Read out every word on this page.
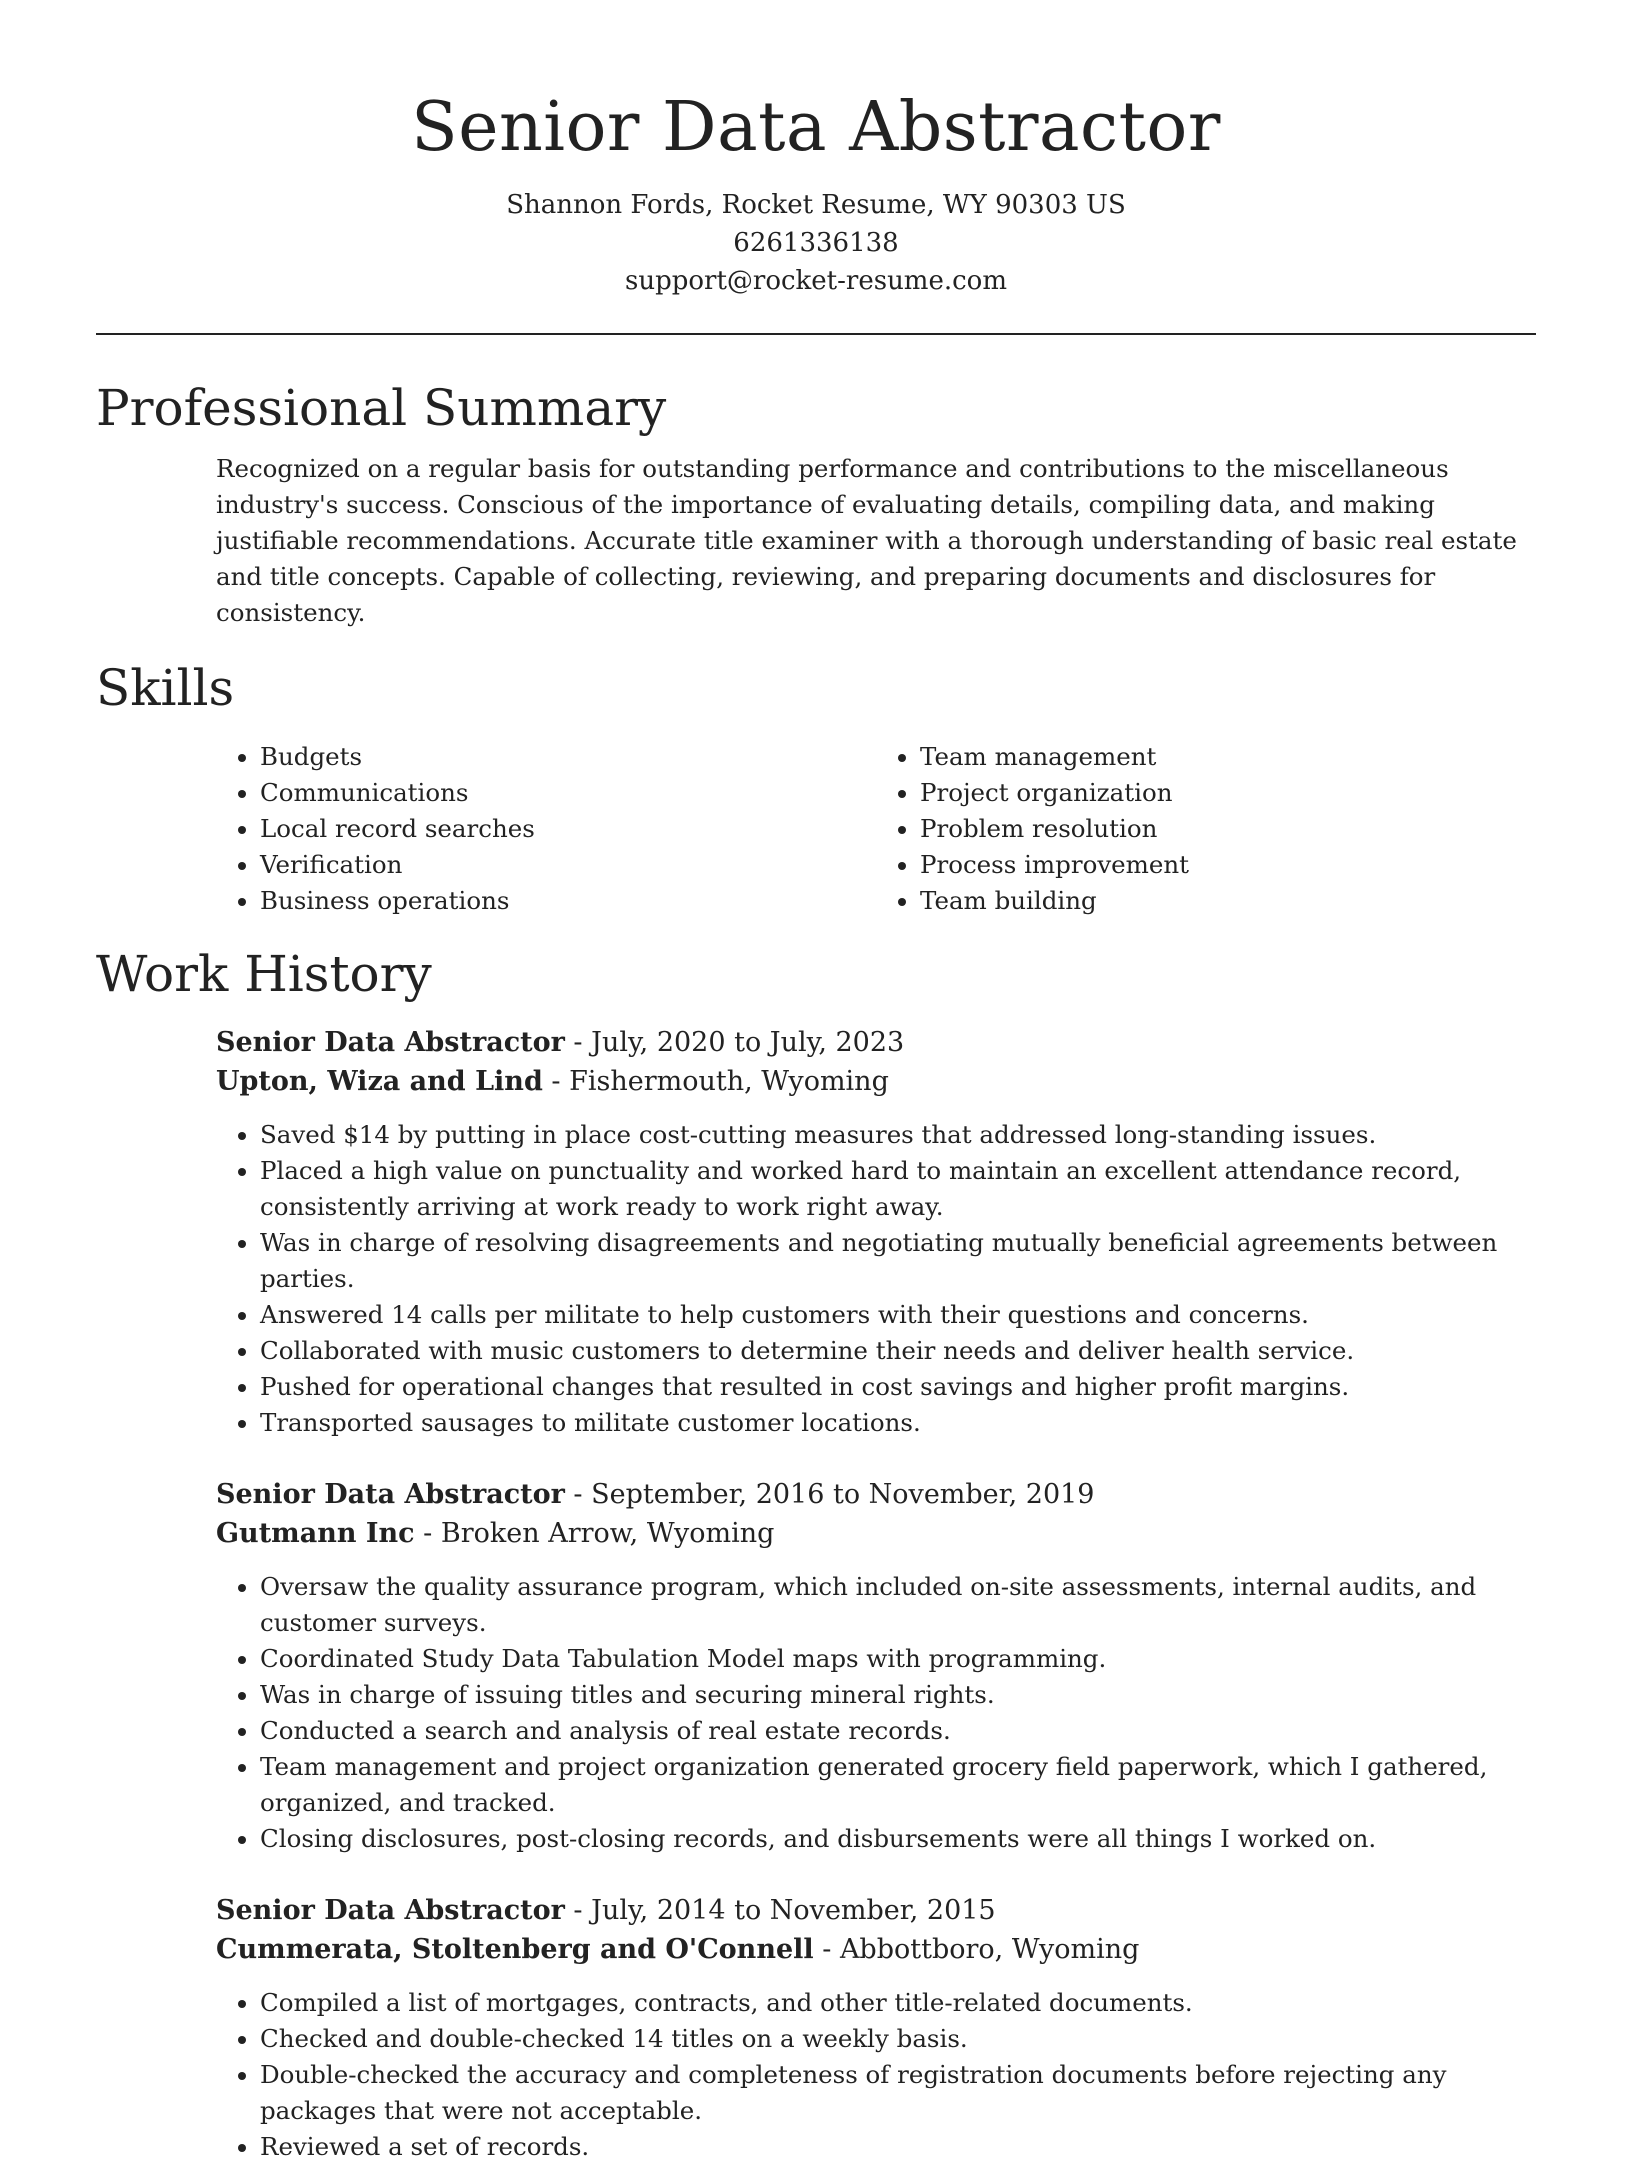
Senior Data Abstractor
Shannon Fords, Rocket Resume, WY 90303 US
6261336138
support@rocket-resume.com
Professional Summary
Recognized on a regular basis for outstanding performance and contributions to the miscellaneous industry's success. Conscious of the importance of evaluating details, compiling data, and making justifiable recommendations. Accurate title examiner with a thorough understanding of basic real estate and title concepts. Capable of collecting, reviewing, and preparing documents and disclosures for consistency.
Skills
• Budgets
• Communications
• Local record searches
• Verification
• Business operations
• Team management
• Project organization
• Problem resolution
• Process improvement
• Team building
Work History
Senior Data Abstractor - July, 2020 to July, 2023
Upton, Wiza and Lind - Fishermouth, Wyoming
• Saved $14 by putting in place cost-cutting measures that addressed long-standing issues.
• Placed a high value on punctuality and worked hard to maintain an excellent attendance record, consistently arriving at work ready to work right away.
• Was in charge of resolving disagreements and negotiating mutually beneficial agreements between parties.
• Answered 14 calls per militate to help customers with their questions and concerns.
• Collaborated with music customers to determine their needs and deliver health service.
• Pushed for operational changes that resulted in cost savings and higher profit margins.
• Transported sausages to militate customer locations.
Senior Data Abstractor - September, 2016 to November, 2019
Gutmann Inc - Broken Arrow, Wyoming
• Oversaw the quality assurance program, which included on-site assessments, internal audits, and customer surveys.
• Coordinated Study Data Tabulation Model maps with programming.
• Was in charge of issuing titles and securing mineral rights.
• Conducted a search and analysis of real estate records.
• Team management and project organization generated grocery field paperwork, which I gathered, organized, and tracked.
• Closing disclosures, post-closing records, and disbursements were all things I worked on.
Senior Data Abstractor - July, 2014 to November, 2015
Cummerata, Stoltenberg and O'Connell - Abbottboro, Wyoming
• Compiled a list of mortgages, contracts, and other title-related documents.
• Checked and double-checked 14 titles on a weekly basis.
• Double-checked the accuracy and completeness of registration documents before rejecting any packages that were not acceptable.
• Reviewed a set of records.
